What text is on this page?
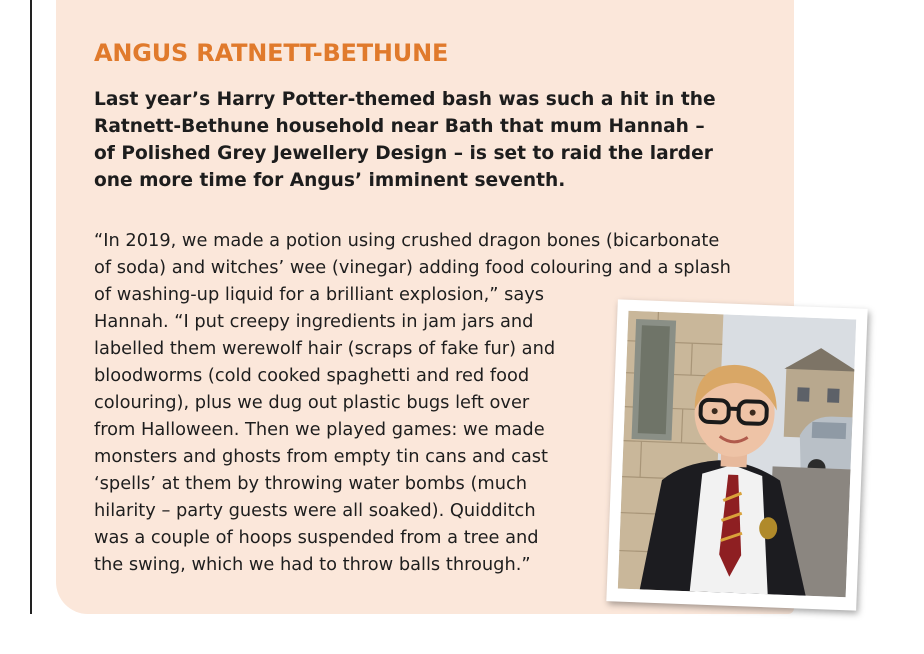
ANGUS RATNETT-BETHUNE
Last year’s Harry Potter-themed bash was such a hit in the
Ratnett-Bethune household near Bath that mum Hannah –
of Polished Grey Jewellery Design – is set to raid the larder
one more time for Angus’ imminent seventh.
“In 2019, we made a potion using crushed dragon bones (bicarbonate
of soda) and witches’ wee (vinegar) adding food colouring and a splash
of washing-up liquid for a brilliant explosion,” says
Hannah. “I put creepy ingredients in jam jars and
labelled them werewolf hair (scraps of fake fur) and
bloodworms (cold cooked spaghetti and red food
colouring), plus we dug out plastic bugs left over
from Halloween. Then we played games: we made
monsters and ghosts from empty tin cans and cast
‘spells’ at them by throwing water bombs (much
hilarity – party guests were all soaked). Quidditch
was a couple of hoops suspended from a tree and
the swing, which we had to throw balls through.”
